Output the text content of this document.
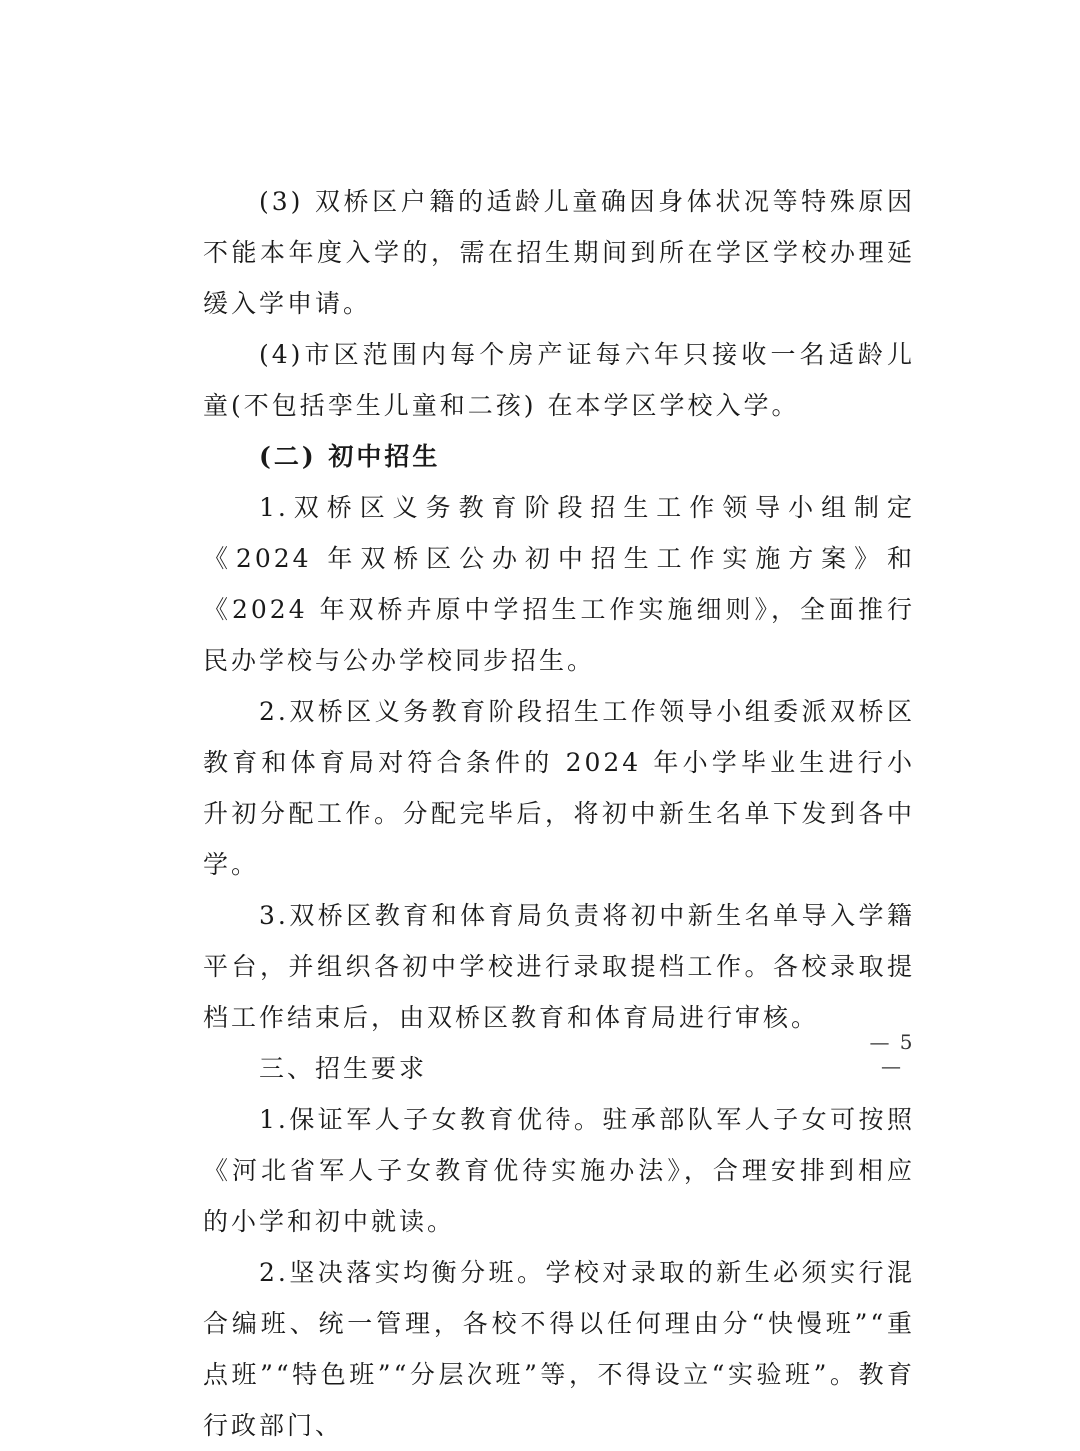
(3) 双桥区户籍的适龄儿童确因身体状况等特殊原因不能本年度入学的，需在招生期间到所在学区学校办理延缓入学申请。

(4)市区范围内每个房产证每六年只接收一名适龄儿童(不包括孪生儿童和二孩) 在本学区学校入学。

(二) 初中招生

1.双桥区义务教育阶段招生工作领导小组制定《2024 年双桥区公办初中招生工作实施方案》和《2024 年双桥卉原中学招生工作实施细则》，全面推行民办学校与公办学校同步招生。

2.双桥区义务教育阶段招生工作领导小组委派双桥区教育和体育局对符合条件的 2024 年小学毕业生进行小升初分配工作。分配完毕后，将初中新生名单下发到各中学。

3.双桥区教育和体育局负责将初中新生名单导入学籍平台，并组织各初中学校进行录取提档工作。各校录取提档工作结束后，由双桥区教育和体育局进行审核。

三、招生要求

1.保证军人子女教育优待。驻承部队军人子女可按照《河北省军人子女教育优待实施办法》，合理安排到相应的小学和初中就读。

2.坚决落实均衡分班。学校对录取的新生必须实行混合编班、统一管理，各校不得以任何理由分“快慢班”“重点班”“特色班”“分层次班”等，不得设立“实验班”。教育行政部门、

— 5 —
